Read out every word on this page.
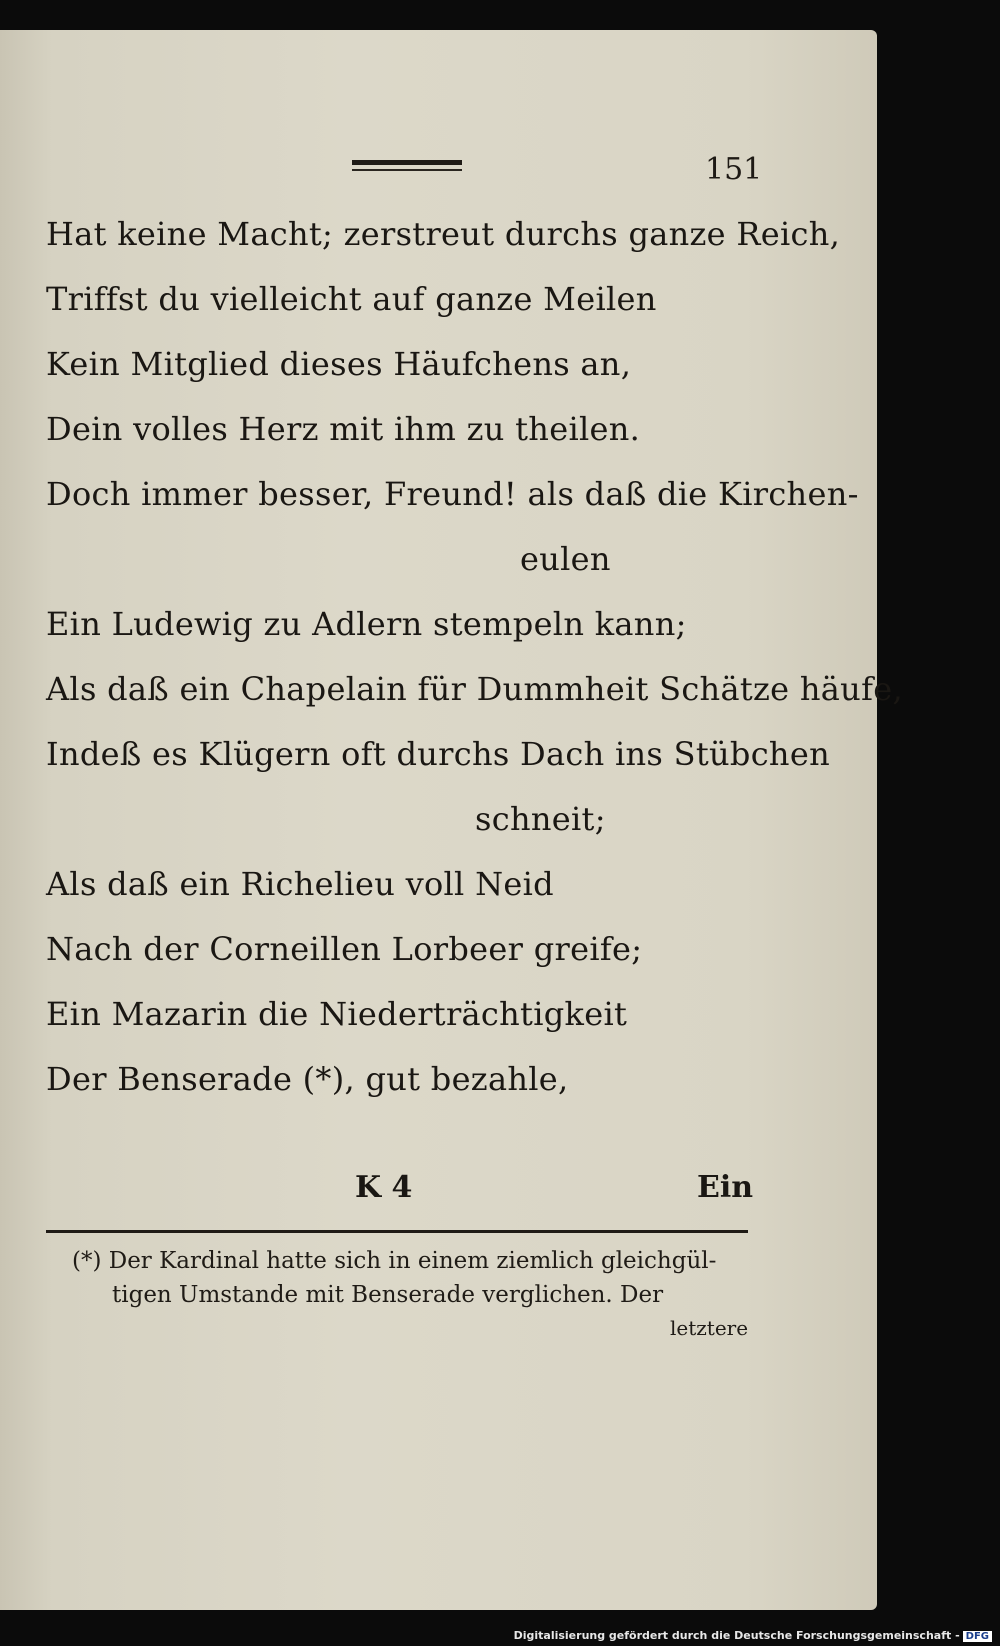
151
Hat keine Macht; zerstreut durchs ganze Reich,
Triffst du vielleicht auf ganze Meilen
Kein Mitglied dieses Häufchens an,
Dein volles Herz mit ihm zu theilen.
Doch immer besser, Freund! als daß die Kirchen-
eulen
Ein Ludewig zu Adlern stempeln kann;
Als daß ein Chapelain für Dummheit Schätze häufe,
Indeß es Klügern oft durchs Dach ins Stübchen
schneit;
Als daß ein Richelieu voll Neid
Nach der Corneillen Lorbeer greife;
Ein Mazarin die Niederträchtigkeit
Der Benserade (*), gut bezahle,
K 4	Ein
(*) Der Kardinal hatte sich in einem ziemlich gleichgül-
tigen Umstande mit Benserade verglichen. Der
letztere
Digitalisierung gefördert durch die Deutsche Forschungsgemeinschaft - DFG
